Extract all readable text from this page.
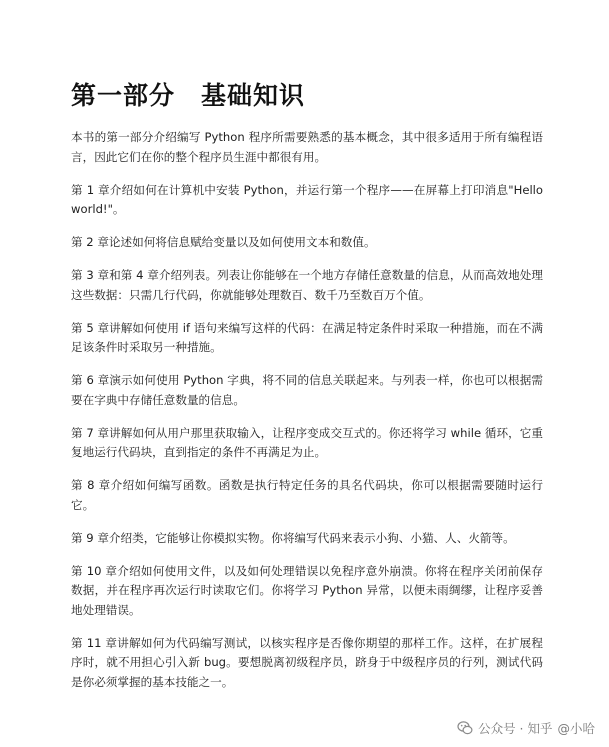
第一部分　基础知识

本书的第一部分介绍编写 Python 程序所需要熟悉的基本概念，其中很多适用于所有编程语言，因此它们在你的整个程序员生涯中都很有用。

第 1 章介绍如何在计算机中安装 Python，并运行第一个程序——在屏幕上打印消息"Hello world!"。

第 2 章论述如何将信息赋给变量以及如何使用文本和数值。

第 3 章和第 4 章介绍列表。列表让你能够在一个地方存储任意数量的信息，从而高效地处理这些数据：只需几行代码，你就能够处理数百、数千乃至数百万个值。

第 5 章讲解如何使用 if 语句来编写这样的代码：在满足特定条件时采取一种措施，而在不满足该条件时采取另一种措施。

第 6 章演示如何使用 Python 字典，将不同的信息关联起来。与列表一样，你也可以根据需要在字典中存储任意数量的信息。

第 7 章讲解如何从用户那里获取输入，让程序变成交互式的。你还将学习 while 循环，它重复地运行代码块，直到指定的条件不再满足为止。

第 8 章介绍如何编写函数。函数是执行特定任务的具名代码块，你可以根据需要随时运行它。

第 9 章介绍类，它能够让你模拟实物。你将编写代码来表示小狗、小猫、人、火箭等。

第 10 章介绍如何使用文件，以及如何处理错误以免程序意外崩溃。你将在程序关闭前保存数据，并在程序再次运行时读取它们。你将学习 Python 异常，以便未雨绸缪，让程序妥善地处理错误。

第 11 章讲解如何为代码编写测试，以核实程序是否像你期望的那样工作。这样，在扩展程序时，就不用担心引入新 bug。要想脱离初级程序员，跻身于中级程序员的行列，测试代码是你必须掌握的基本技能之一。

公众号 · 知乎 @小哈
